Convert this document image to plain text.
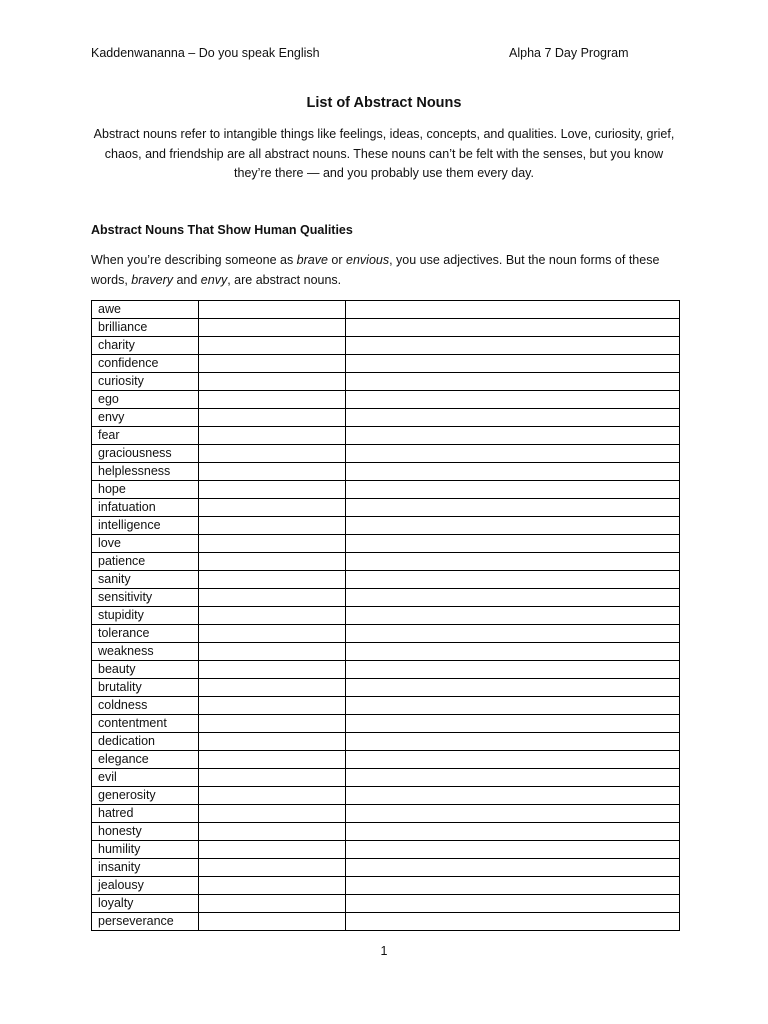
Kaddenwananna – Do you speak English	Alpha 7 Day Program
List of Abstract Nouns

Abstract nouns refer to intangible things like feelings, ideas, concepts, and qualities. Love, curiosity, grief, chaos, and friendship are all abstract nouns. These nouns can’t be felt with the senses, but you know they’re there — and you probably use them every day.

Abstract Nouns That Show Human Qualities

When you’re describing someone as brave or envious, you use adjectives. But the noun forms of these words, bravery and envy, are abstract nouns.

awe		
brilliance		
charity		
confidence		
curiosity		
ego		
envy		
fear		
graciousness		
helplessness		
hope		
infatuation		
intelligence		
love		
patience		
sanity		
sensitivity		
stupidity		
tolerance		
weakness		
beauty		
brutality		
coldness		
contentment		
dedication		
elegance		
evil		
generosity		
hatred		
honesty		
humility		
insanity		
jealousy		
loyalty		
perseverance		
1
